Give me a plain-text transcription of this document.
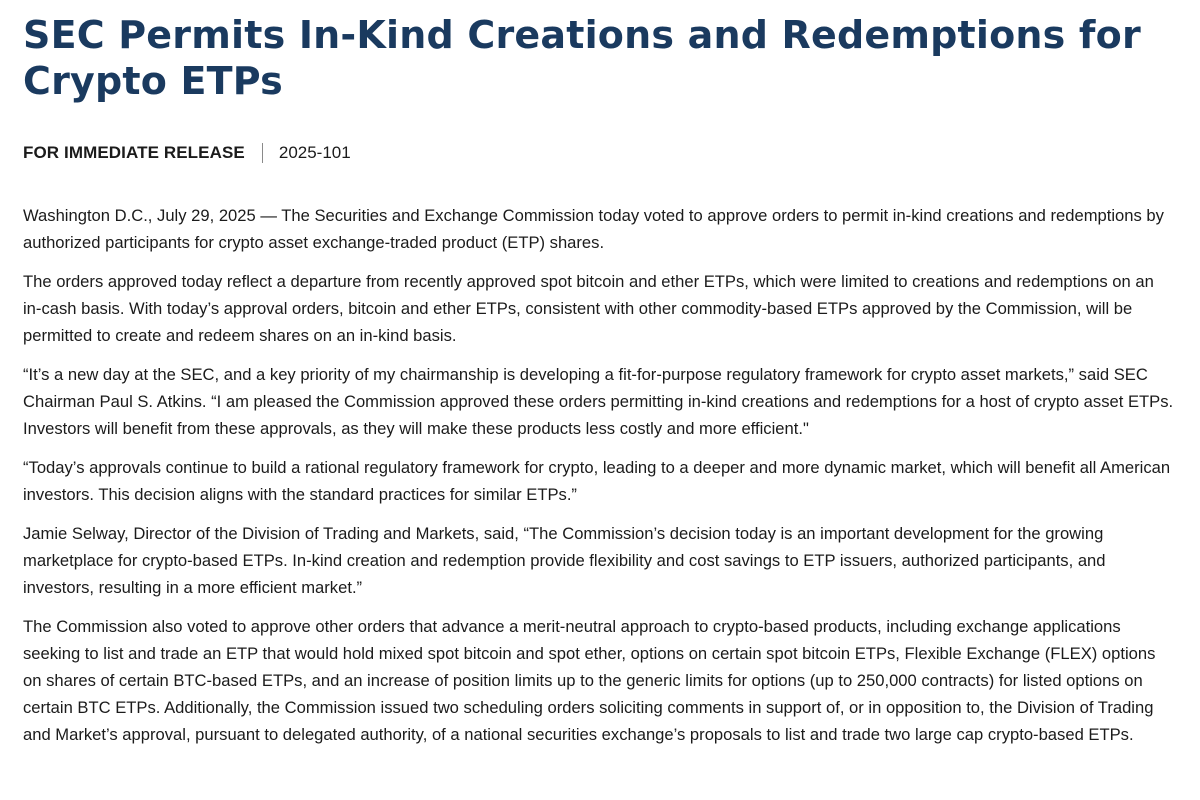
SEC Permits In-Kind Creations and Redemptions for Crypto ETPs
FOR IMMEDIATE RELEASE 2025-101

Washington D.C., July 29, 2025 — The Securities and Exchange Commission today voted to approve orders to permit in-kind creations and redemptions by authorized participants for crypto asset exchange-traded product (ETP) shares.

The orders approved today reflect a departure from recently approved spot bitcoin and ether ETPs, which were limited to creations and redemptions on an in-cash basis. With today’s approval orders, bitcoin and ether ETPs, consistent with other commodity-based ETPs approved by the Commission, will be permitted to create and redeem shares on an in-kind basis.

“It’s a new day at the SEC, and a key priority of my chairmanship is developing a fit-for-purpose regulatory framework for crypto asset markets,” said SEC Chairman Paul S. Atkins. “I am pleased the Commission approved these orders permitting in-kind creations and redemptions for a host of crypto asset ETPs. Investors will benefit from these approvals, as they will make these products less costly and more efficient."

“Today’s approvals continue to build a rational regulatory framework for crypto, leading to a deeper and more dynamic market, which will benefit all American investors. This decision aligns with the standard practices for similar ETPs.”

Jamie Selway, Director of the Division of Trading and Markets, said, “The Commission’s decision today is an important development for the growing marketplace for crypto-based ETPs. In-kind creation and redemption provide flexibility and cost savings to ETP issuers, authorized participants, and investors, resulting in a more efficient market.”

The Commission also voted to approve other orders that advance a merit-neutral approach to crypto-based products, including exchange applications seeking to list and trade an ETP that would hold mixed spot bitcoin and spot ether, options on certain spot bitcoin ETPs, Flexible Exchange (FLEX) options on shares of certain BTC-based ETPs, and an increase of position limits up to the generic limits for options (up to 250,000 contracts) for listed options on certain BTC ETPs. Additionally, the Commission issued two scheduling orders soliciting comments in support of, or in opposition to, the Division of Trading and Market’s approval, pursuant to delegated authority, of a national securities exchange’s proposals to list and trade two large cap crypto-based ETPs.
